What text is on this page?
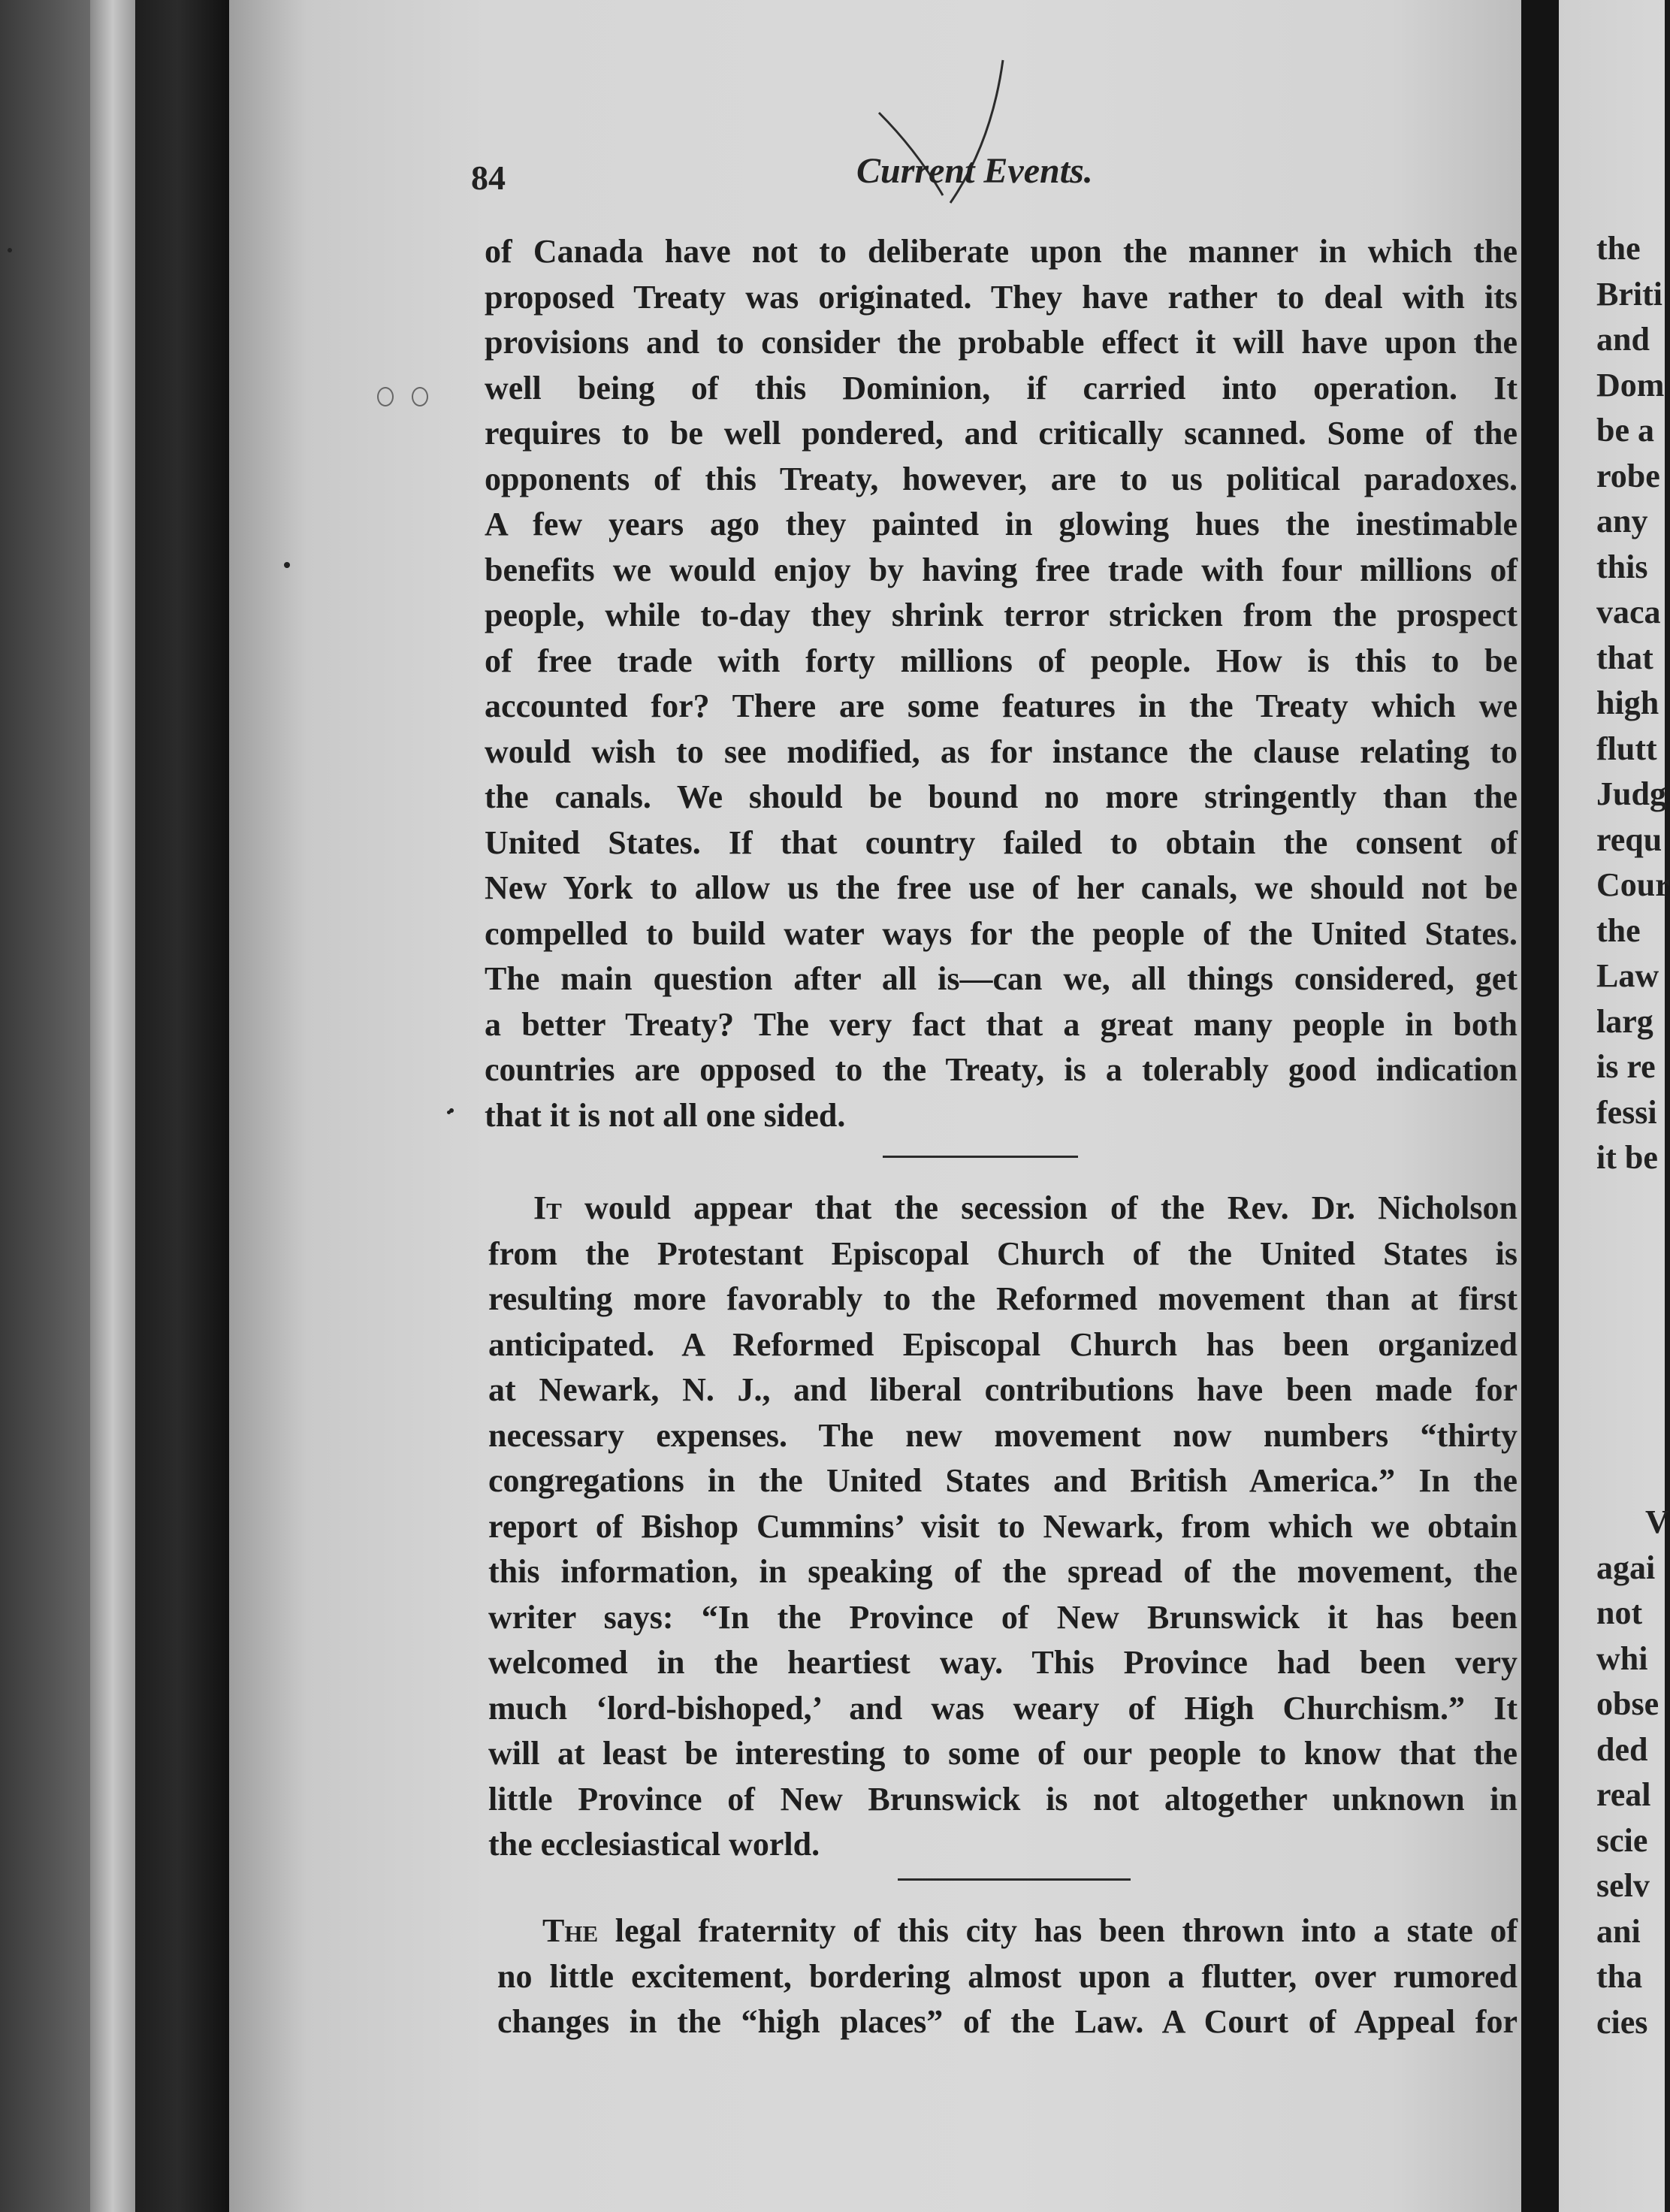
84	Current Events.
of Canada have not to deliberate upon the manner in which the
proposed Treaty was originated. They have rather to deal with its
provisions and to consider the probable effect it will have upon the
well being of this Dominion, if carried into operation. It
requires to be well pondered, and critically scanned. Some of the
opponents of this Treaty, however, are to us political paradoxes.
A few years ago they painted in glowing hues the inestimable
benefits we would enjoy by having free trade with four millions of
people, while to-day they shrink terror stricken from the prospect
of free trade with forty millions of people. How is this to be
accounted for? There are some features in the Treaty which we
would wish to see modified, as for instance the clause relating to
the canals. We should be bound no more stringently than the
United States. If that country failed to obtain the consent of
New York to allow us the free use of her canals, we should not be
compelled to build water ways for the people of the United States.
The main question after all is—can we, all things considered, get
a better Treaty? The very fact that a great many people in both
countries are opposed to the Treaty, is a tolerably good indication
that it is not all one sided.
It would appear that the secession of the Rev. Dr. Nicholson
from the Protestant Episcopal Church of the United States is
resulting more favorably to the Reformed movement than at first
anticipated. A Reformed Episcopal Church has been organized
at Newark, N. J., and liberal contributions have been made for
necessary expenses. The new movement now numbers “thirty
congregations in the United States and British America.” In the
report of Bishop Cummins’ visit to Newark, from which we obtain
this information, in speaking of the spread of the movement, the
writer says: “In the Province of New Brunswick it has been
welcomed in the heartiest way. This Province had been very
much ‘lord-bishoped,’ and was weary of High Churchism.” It
will at least be interesting to some of our people to know that the
little Province of New Brunswick is not altogether unknown in
the ecclesiastical world.
The legal fraternity of this city has been thrown into a state of
no little excitement, bordering almost upon a flutter, over rumored
changes in the “high places” of the Law. A Court of Appeal for
the
Briti
and
Dom
be a
robe
any
this
vaca
that
high
flutt
Judg
requ
Cour
the
Law
larg
is re
fessi
it be
V
agai
not
whi
obse
ded
real
scie
selv
ani
tha
cies
